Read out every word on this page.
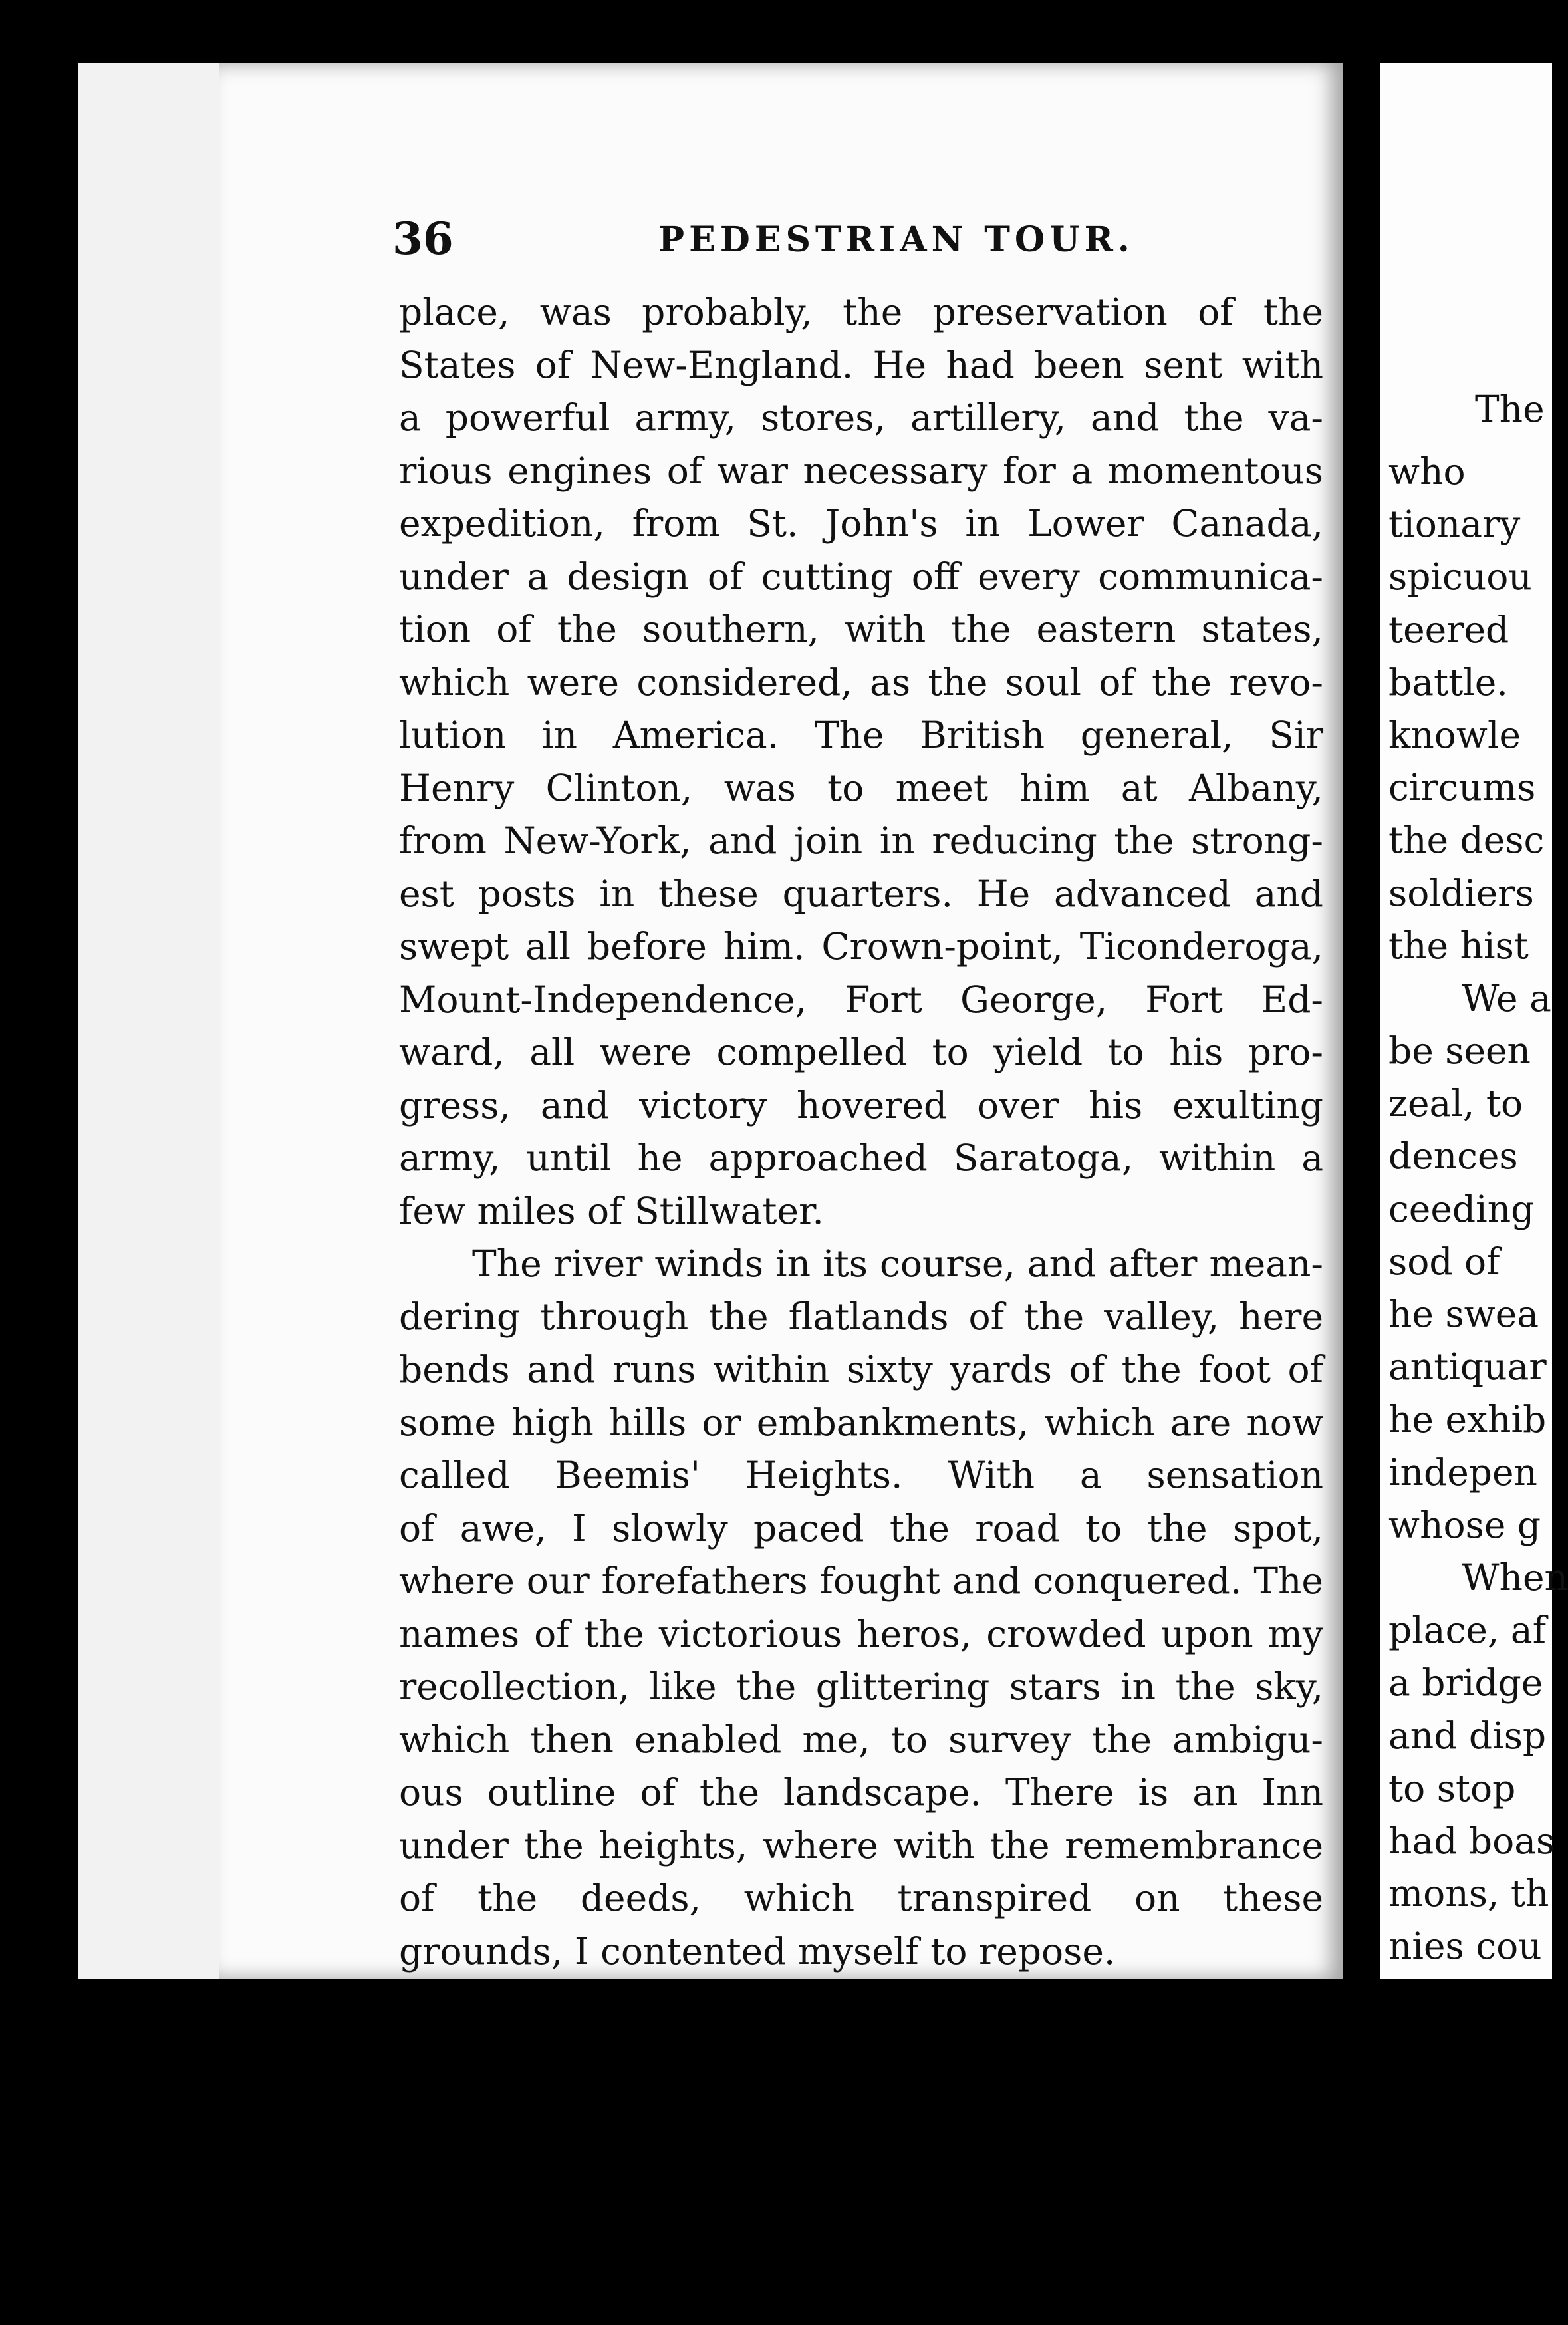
36	PEDESTRIAN TOUR.
place, was probably, the preservation of the
States of New-England. He had been sent with
a powerful army, stores, artillery, and the va-
rious engines of war necessary for a momentous
expedition, from St. John's in Lower Canada,
under a design of cutting off every communica-
tion of the southern, with the eastern states,
which were considered, as the soul of the revo-
lution in America. The British general, Sir
Henry Clinton, was to meet him at Albany,
from New-York, and join in reducing the strong-
est posts in these quarters. He advanced and
swept all before him. Crown-point, Ticonderoga,
Mount-Independence, Fort George, Fort Ed-
ward, all were compelled to yield to his pro-
gress, and victory hovered over his exulting
army, until he approached Saratoga, within a
few miles of Stillwater.
The river winds in its course, and after mean-
dering through the flatlands of the valley, here
bends and runs within sixty yards of the foot of
some high hills or embankments, which are now
called Beemis' Heights. With a sensation
of awe, I slowly paced the road to the spot,
where our forefathers fought and conquered. The
names of the victorious heros, crowded upon my
recollection, like the glittering stars in the sky,
which then enabled me, to survey the ambigu-
ous outline of the landscape. There is an Inn
under the heights, where with the remembrance
of the deeds, which transpired on these
grounds, I contented myself to repose.
The
who
tionary
spicuou
teered
battle.
knowle
circums
the desc
soldiers
the hist
We a
be seen
zeal, to
dences
ceeding
sod of
he swea
antiquar
he exhib
indepen
whose g
When
place, af
a bridge
and disp
to stop
had boas
mons, th
nies cou
